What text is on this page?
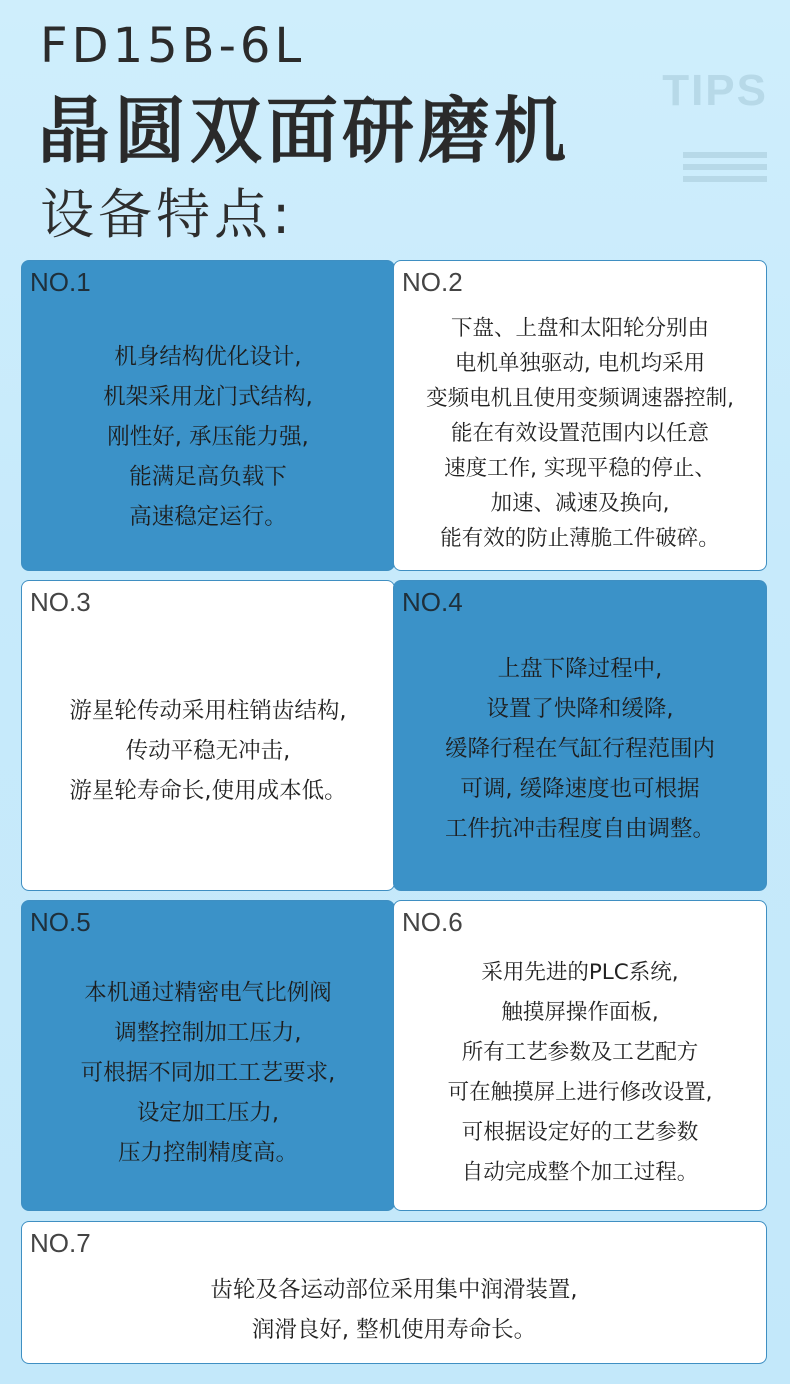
FD15B-6L
晶圆双面研磨机
设备特点:
TIPS
NO.1
机身结构优化设计,
机架采用龙门式结构,
刚性好, 承压能力强,
能满足高负载下
高速稳定运行。
NO.2
下盘、上盘和太阳轮分别由
电机单独驱动, 电机均采用
变频电机且使用变频调速器控制,
能在有效设置范围内以任意
速度工作, 实现平稳的停止、
加速、减速及换向,
能有效的防止薄脆工件破碎。
NO.3
游星轮传动采用柱销齿结构,
传动平稳无冲击,
游星轮寿命长,使用成本低。
NO.4
上盘下降过程中,
设置了快降和缓降,
缓降行程在气缸行程范围内
可调, 缓降速度也可根据
工件抗冲击程度自由调整。
NO.5
本机通过精密电气比例阀
调整控制加工压力,
可根据不同加工工艺要求,
设定加工压力,
压力控制精度高。
NO.6
采用先进的PLC系统,
触摸屏操作面板,
所有工艺参数及工艺配方
可在触摸屏上进行修改设置,
可根据设定好的工艺参数
自动完成整个加工过程。
NO.7
齿轮及各运动部位采用集中润滑装置,
润滑良好, 整机使用寿命长。
